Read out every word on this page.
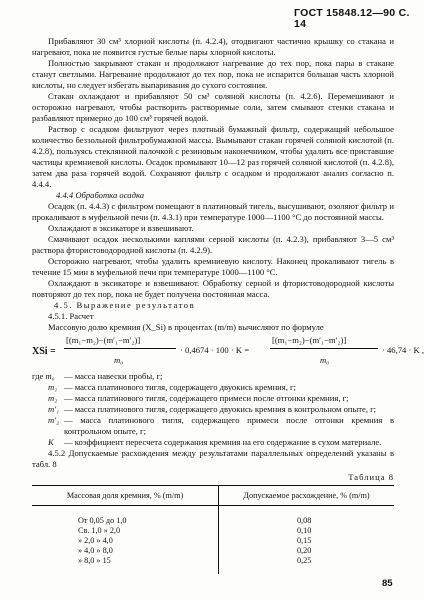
ГОСТ 15848.12—90 С. 14

Прибавляют 30 см³ хлорной кислоты (п. 4.2.4), отодвигают частично крышку со стакана и нагревают, пока не появится густые белые пары хлорной кислоты.

Полностью закрывают стакан и продолжают нагревание до тех пор, пока пары в стакане станут светлыми. Нагревание продолжают до тех пор, пока не испарится большая часть хлорной кислоты, но следует избегать выпаривания до сухого состояния.

Стакан охлаждают и прибавляют 50 см³ соляной кислоты (п. 4.2.6). Перемешивают и осторожно нагревают, чтобы растворить растворимые соли, затем смывают стенки стакана и разбавляют примерно до 100 см³ горячей водой.

Раствор с осадком фильтруют через плотный бумажный фильтр, содержащий небольшое количество беззольной фильтробумажной массы. Вымывают стакан горячей соляной кислотой (п. 4.2.8), пользуясь стеклянной палочкой с резиновым наконечником, чтобы удалить все приставшие частицы кремниевой кислоты. Осадок промывают 10—12 раз горячей соляной кислотой (п. 4.2.8), затем два раза горячей водой. Сохраняют фильтр с осадком и продолжают анализ согласно п. 4.4.4.

4.4.4 Обработка осадка

Осадок (п. 4.4.3) с фильтром помещают в платиновый тигель, высушивают, озоляют фильтр и прокаливают в муфельной печи (п. 4.3.1) при температуре 1000—1100 °С до постоянной массы.

Охлаждают в эксикаторе и взвешивают.

Смачивают осадок несколькими каплями серной кислоты (п. 4.2.3), прибавляют 3—5 см³ раствора фтористоводородной кислоты (п. 4.2.9).

Осторожно нагревают, чтобы удалить кремниевую кислоту. Наконец прокаливают тигель в течение 15 мин в муфельной печи при температуре 1000—1100 °С.

Охлаждают в эксикаторе и взвешивают. Обработку серной и фтористоводородной кислоты повторяют до тех пор, пока не будет получена постоянная масса.

4.5. Выражение результатов

4.5.1. Расчет

Массовую долю кремния (X_Si) в процентах (m/m) вычисляют по формуле

XSi =
[(m₁−m₂)−(m′₁−m′₂)]
m₀
· 0,4674 · 100 · K =
[(m₁−m₂)−(m′₁−m′₂)]
m₀
· 46,74 · K ,
где m₀	— масса навески пробы, г;
m₁ — масса платинового тигля, содержащего двуокись кремния, г;
m₂ — масса платинового тигля, содержащего примеси после отгонки кремния, г;
m′₁ — масса платинового тигля, содержащего двуокись кремния в контрольном опыте, г;
m′₂ — масса платинового тигля, содержащего примеси после отгонки кремния в контрольном опыте, г;
K	— коэффициент пересчета содержания кремния на его содержание в сухом материале.

4.5.2 Допускаемые расхождения между результатами параллельных определений указаны в табл. 8

Таблица 8
Массовая доля кремния, % (m/m)	Допускаемое расхождение, % (m/m)
От 0,05 до 1,0	0,08
Св. 1,0 » 2,0	0,10
» 2,0 » 4,0	0,15
» 4,0 » 8,0	0,20
» 8,0 » 15	0,25
85
